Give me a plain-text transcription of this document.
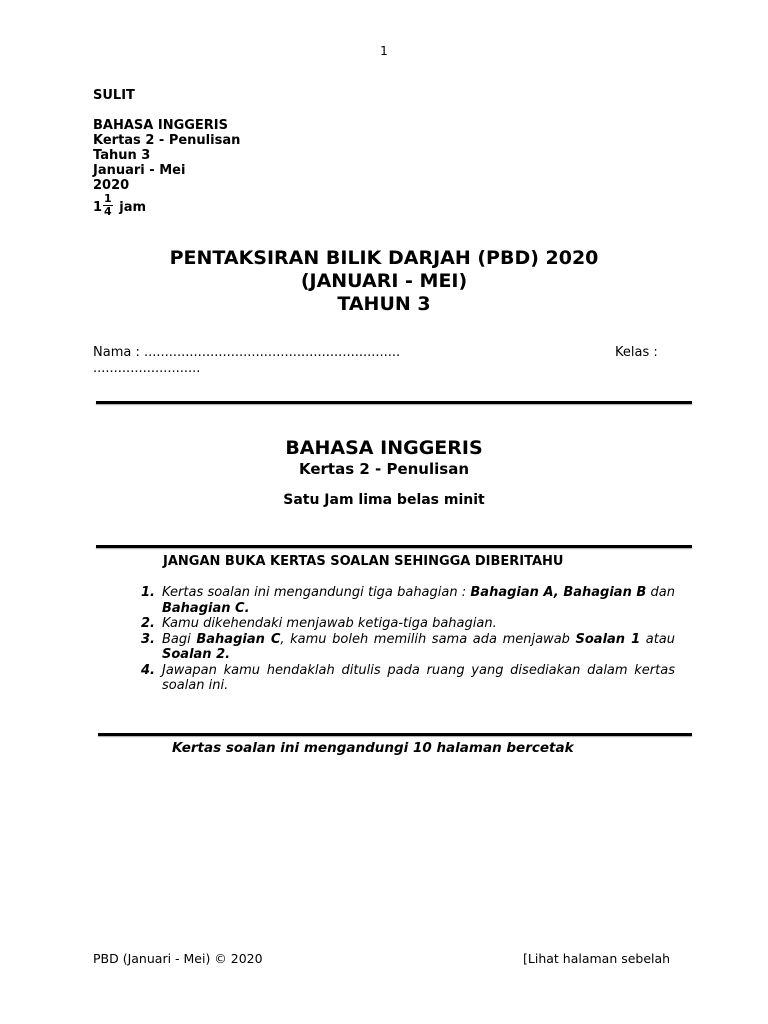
1
SULIT
BAHASA INGGERIS
Kertas 2 - Penulisan
Tahun 3
Januari - Mei
2020
$1 \frac{1}{4}$ jam
PENTAKSIRAN BILIK DARJAH (PBD) 2020
(JANUARI - MEI)
TAHUN 3
Nama : ..............................................................	Kelas :
..........................
BAHASA INGGERIS
Kertas 2 - Penulisan
Satu Jam lima belas minit
JANGAN BUKA KERTAS SOALAN SEHINGGA DIBERITAHU
1. Kertas soalan ini mengandungi tiga bahagian : Bahagian A, Bahagian B dan Bahagian C.
2. Kamu dikehendaki menjawab ketiga-tiga bahagian.
3. Bagi Bahagian C, kamu boleh memilih sama ada menjawab Soalan 1 atau Soalan 2.
4. Jawapan kamu hendaklah ditulis pada ruang yang disediakan dalam kertas soalan ini.
Kertas soalan ini mengandungi 10 halaman bercetak
PBD (Januari - Mei) © 2020	[Lihat halaman sebelah
